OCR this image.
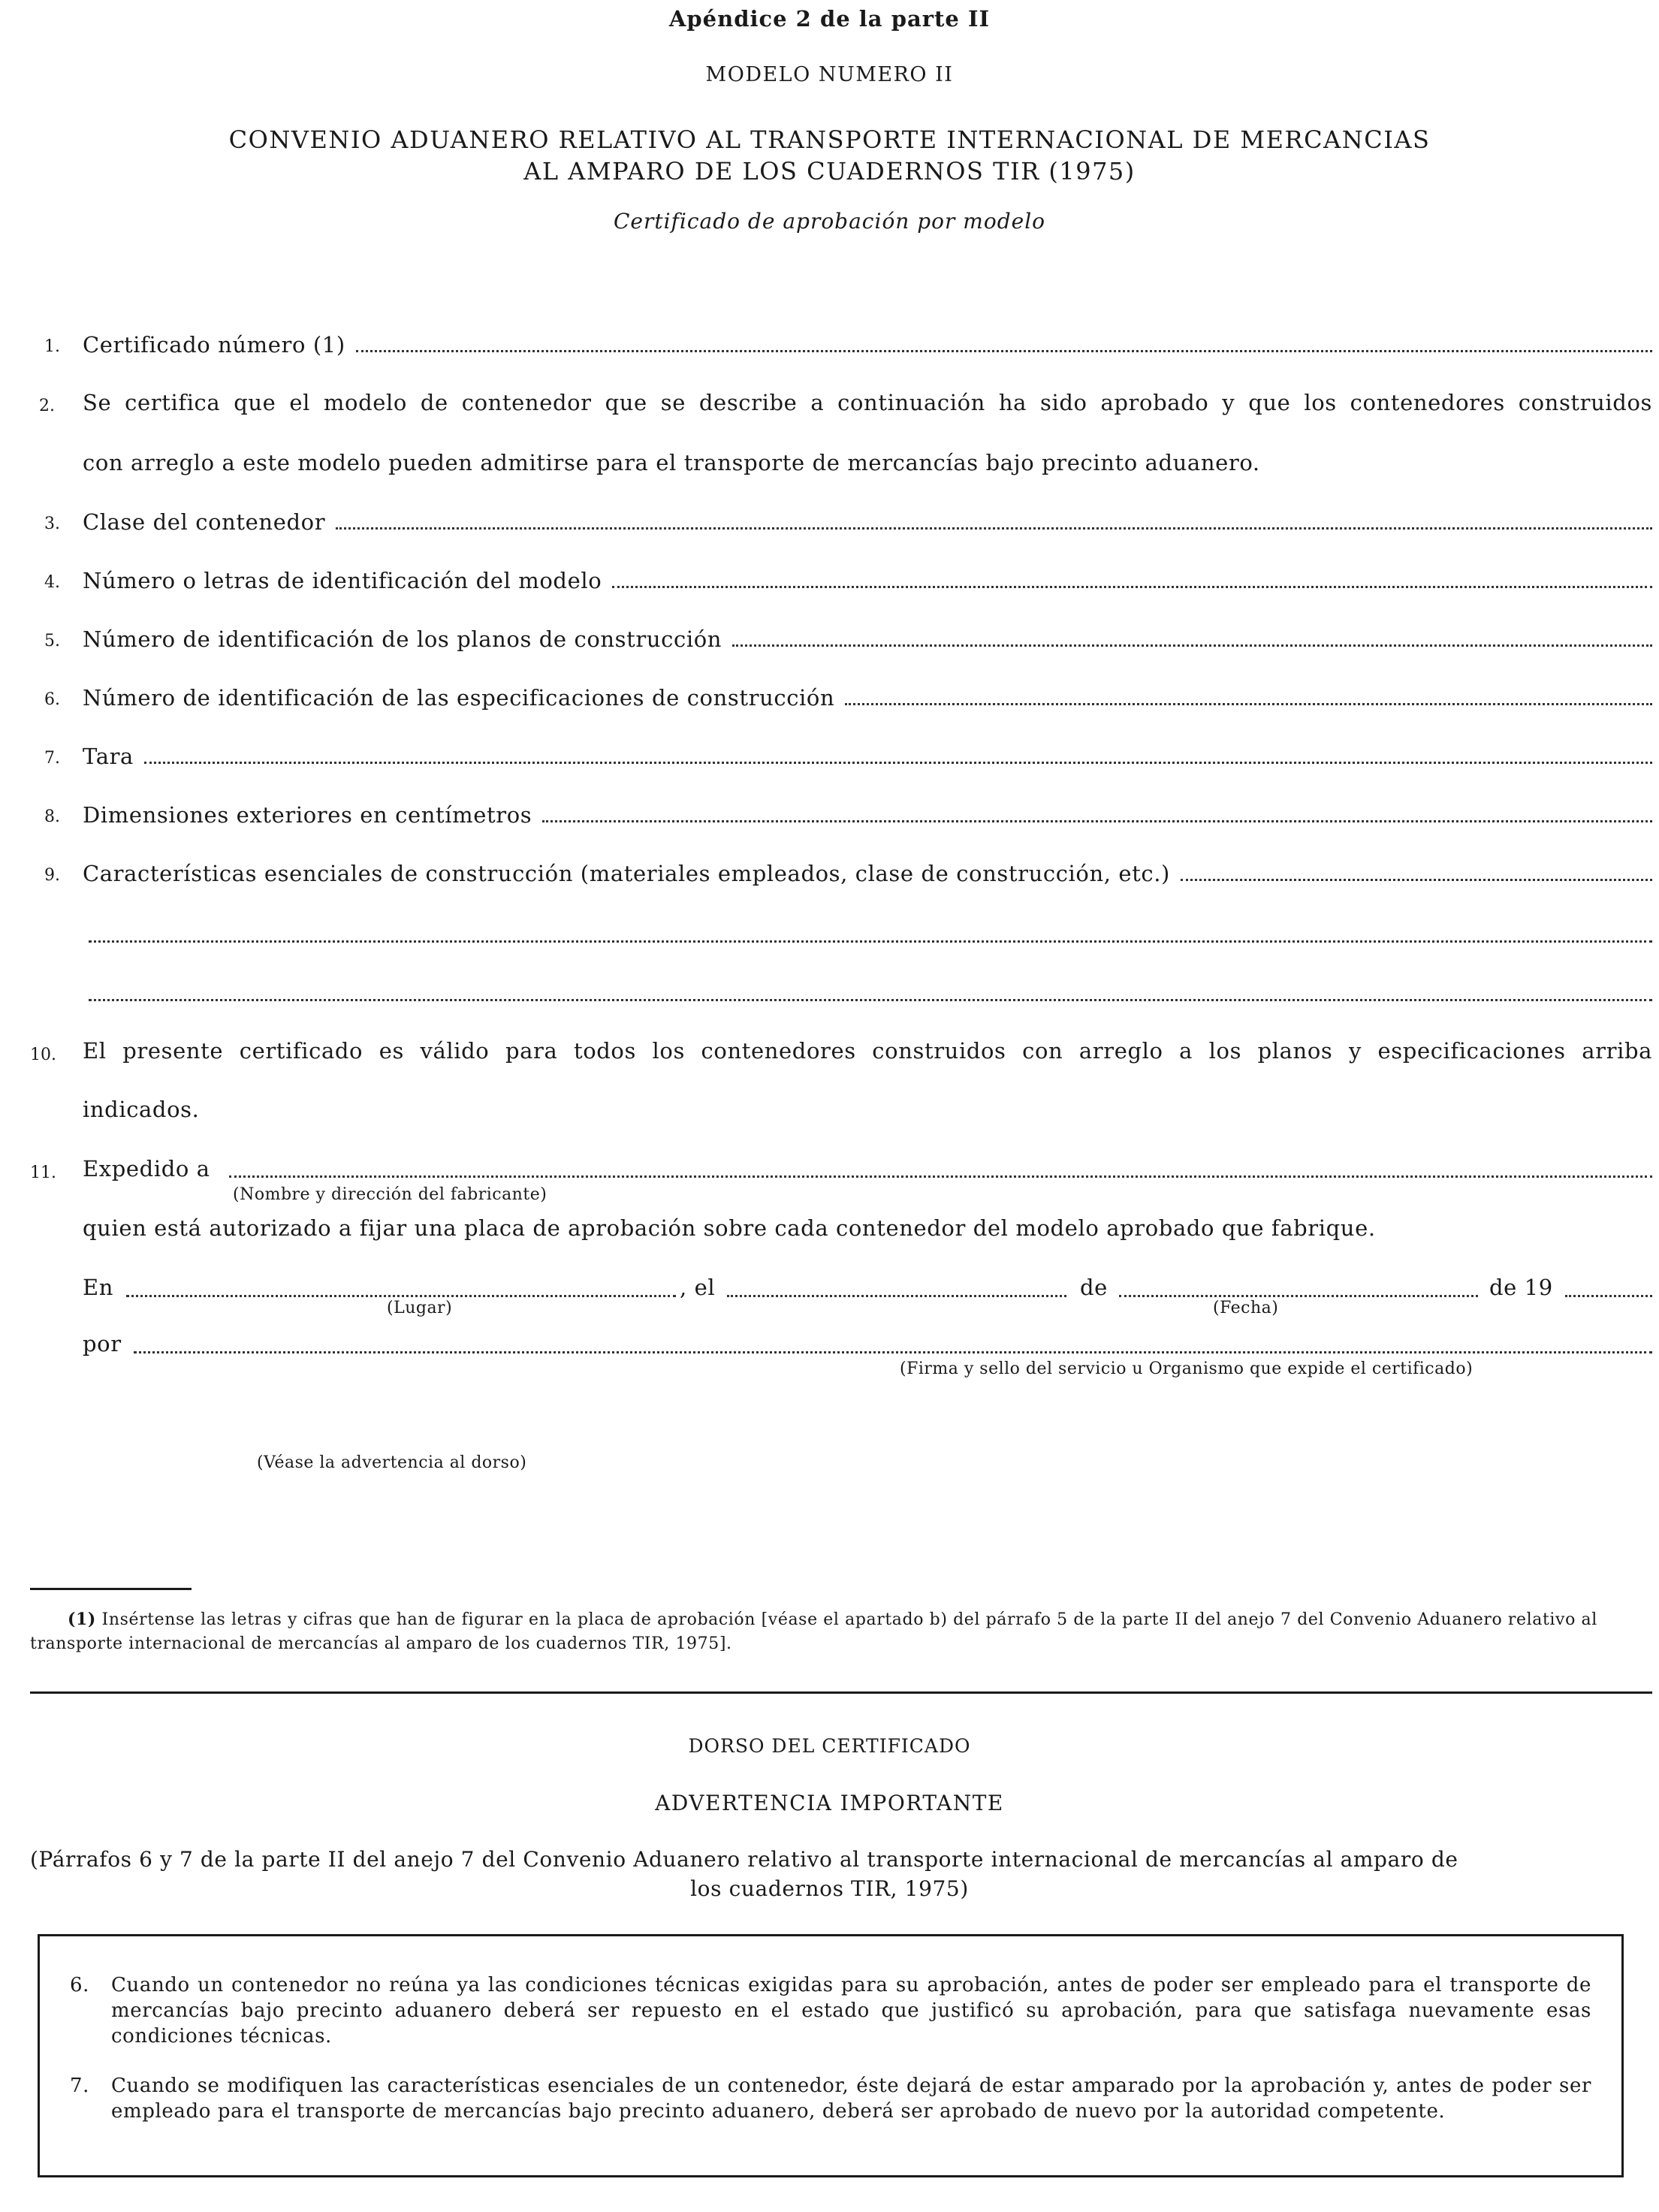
Apéndice 2 de la parte II
MODELO NUMERO II
CONVENIO ADUANERO RELATIVO AL TRANSPORTE INTERNACIONAL DE MERCANCIAS
AL AMPARO DE LOS CUADERNOS TIR (1975)
Certificado de aprobación por modelo
1. Certificado número (1)
2. Se certifica que el modelo de contenedor que se describe a continuación ha sido aprobado y que los contenedores construidos
con arreglo a este modelo pueden admitirse para el transporte de mercancías bajo precinto aduanero.
3. Clase del contenedor
4. Número o letras de identificación del modelo
5. Número de identificación de los planos de construcción
6. Número de identificación de las especificaciones de construcción
7. Tara
8. Dimensiones exteriores en centímetros
9. Características esenciales de construcción (materiales empleados, clase de construcción, etc.)
10. El presente certificado es válido para todos los contenedores construidos con arreglo a los planos y especificaciones arriba
indicados.
11. Expedido a
(Nombre y dirección del fabricante)
quien está autorizado a fijar una placa de aprobación sobre cada contenedor del modelo aprobado que fabrique.
En	, el	de	de 19
(Lugar)	(Fecha)
por
(Firma y sello del servicio u Organismo que expide el certificado)
(Véase la advertencia al dorso)
(1) Insértense las letras y cifras que han de figurar en la placa de aprobación [véase el apartado b) del párrafo 5 de la parte II del anejo 7 del Convenio Aduanero relativo al transporte internacional de mercancías al amparo de los cuadernos TIR, 1975].
DORSO DEL CERTIFICADO
ADVERTENCIA IMPORTANTE
(Párrafos 6 y 7 de la parte II del anejo 7 del Convenio Aduanero relativo al transporte internacional de mercancías al amparo de
los cuadernos TIR, 1975)
6. Cuando un contenedor no reúna ya las condiciones técnicas exigidas para su aprobación, antes de poder ser empleado para el transporte de mercancías bajo precinto aduanero deberá ser repuesto en el estado que justificó su aprobación, para que satisfaga nuevamente esas condiciones técnicas.
7. Cuando se modifiquen las características esenciales de un contenedor, éste dejará de estar amparado por la aprobación y, antes de poder ser empleado para el transporte de mercancías bajo precinto aduanero, deberá ser aprobado de nuevo por la autoridad competente.
